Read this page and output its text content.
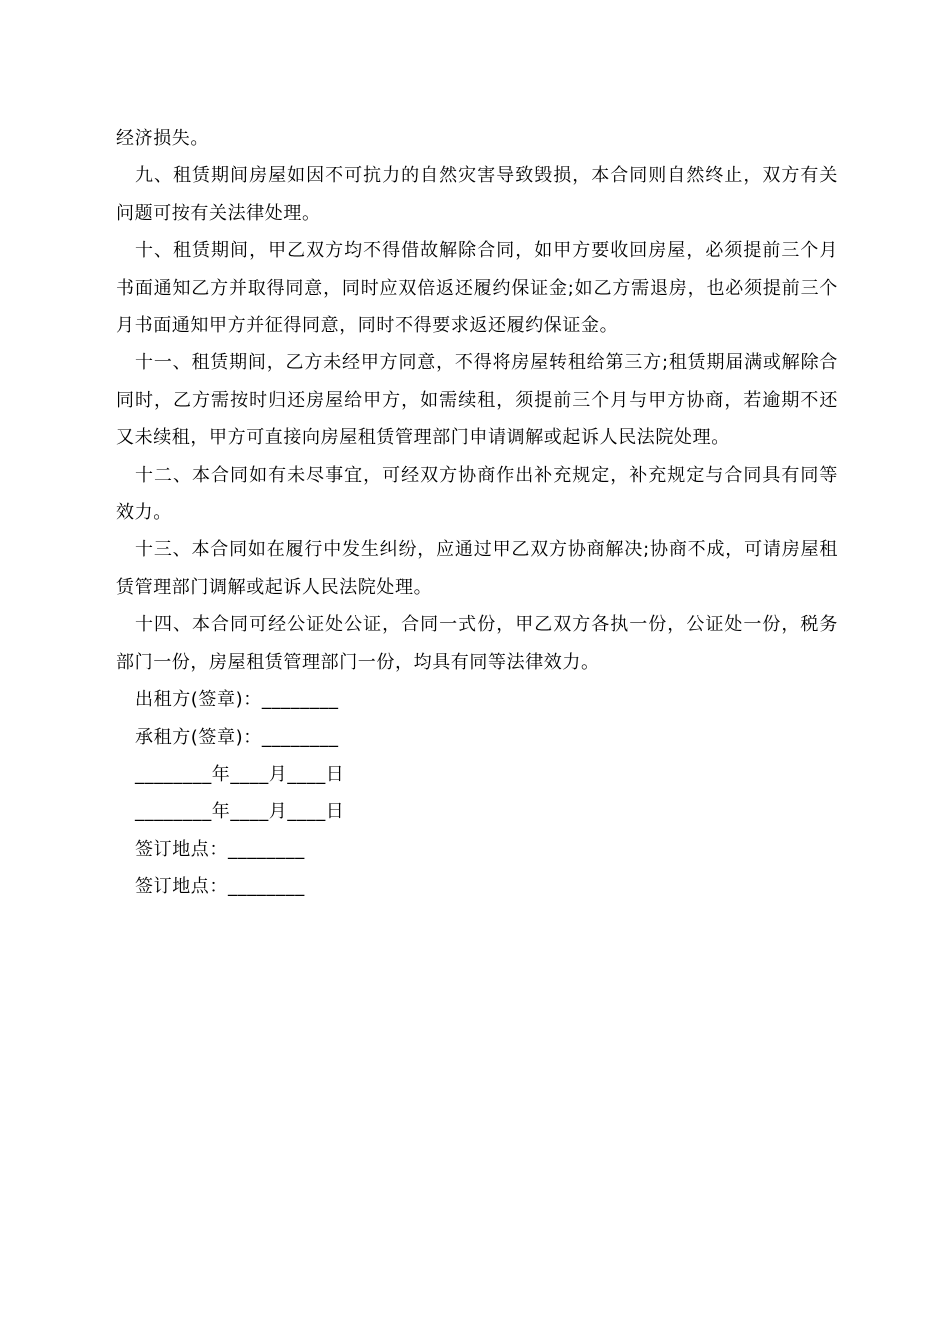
经济损失。

九、租赁期间房屋如因不可抗力的自然灾害导致毁损，本合同则自然终止，双方有关问题可按有关法律处理。

十、租赁期间，甲乙双方均不得借故解除合同，如甲方要收回房屋，必须提前三个月书面通知乙方并取得同意，同时应双倍返还履约保证金;如乙方需退房，也必须提前三个月书面通知甲方并征得同意，同时不得要求返还履约保证金。

十一、租赁期间，乙方未经甲方同意，不得将房屋转租给第三方;租赁期届满或解除合同时，乙方需按时归还房屋给甲方，如需续租，须提前三个月与甲方协商，若逾期不还又未续租，甲方可直接向房屋租赁管理部门申请调解或起诉人民法院处理。

十二、本合同如有未尽事宜，可经双方协商作出补充规定，补充规定与合同具有同等效力。

十三、本合同如在履行中发生纠纷，应通过甲乙双方协商解决;协商不成，可请房屋租赁管理部门调解或起诉人民法院处理。

十四、本合同可经公证处公证，合同一式份，甲乙双方各执一份，公证处一份，税务部门一份，房屋租赁管理部门一份，均具有同等法律效力。

出租方(签章)：________

承租方(签章)：________

________年____月____日

________年____月____日

签订地点：________

签订地点：________
